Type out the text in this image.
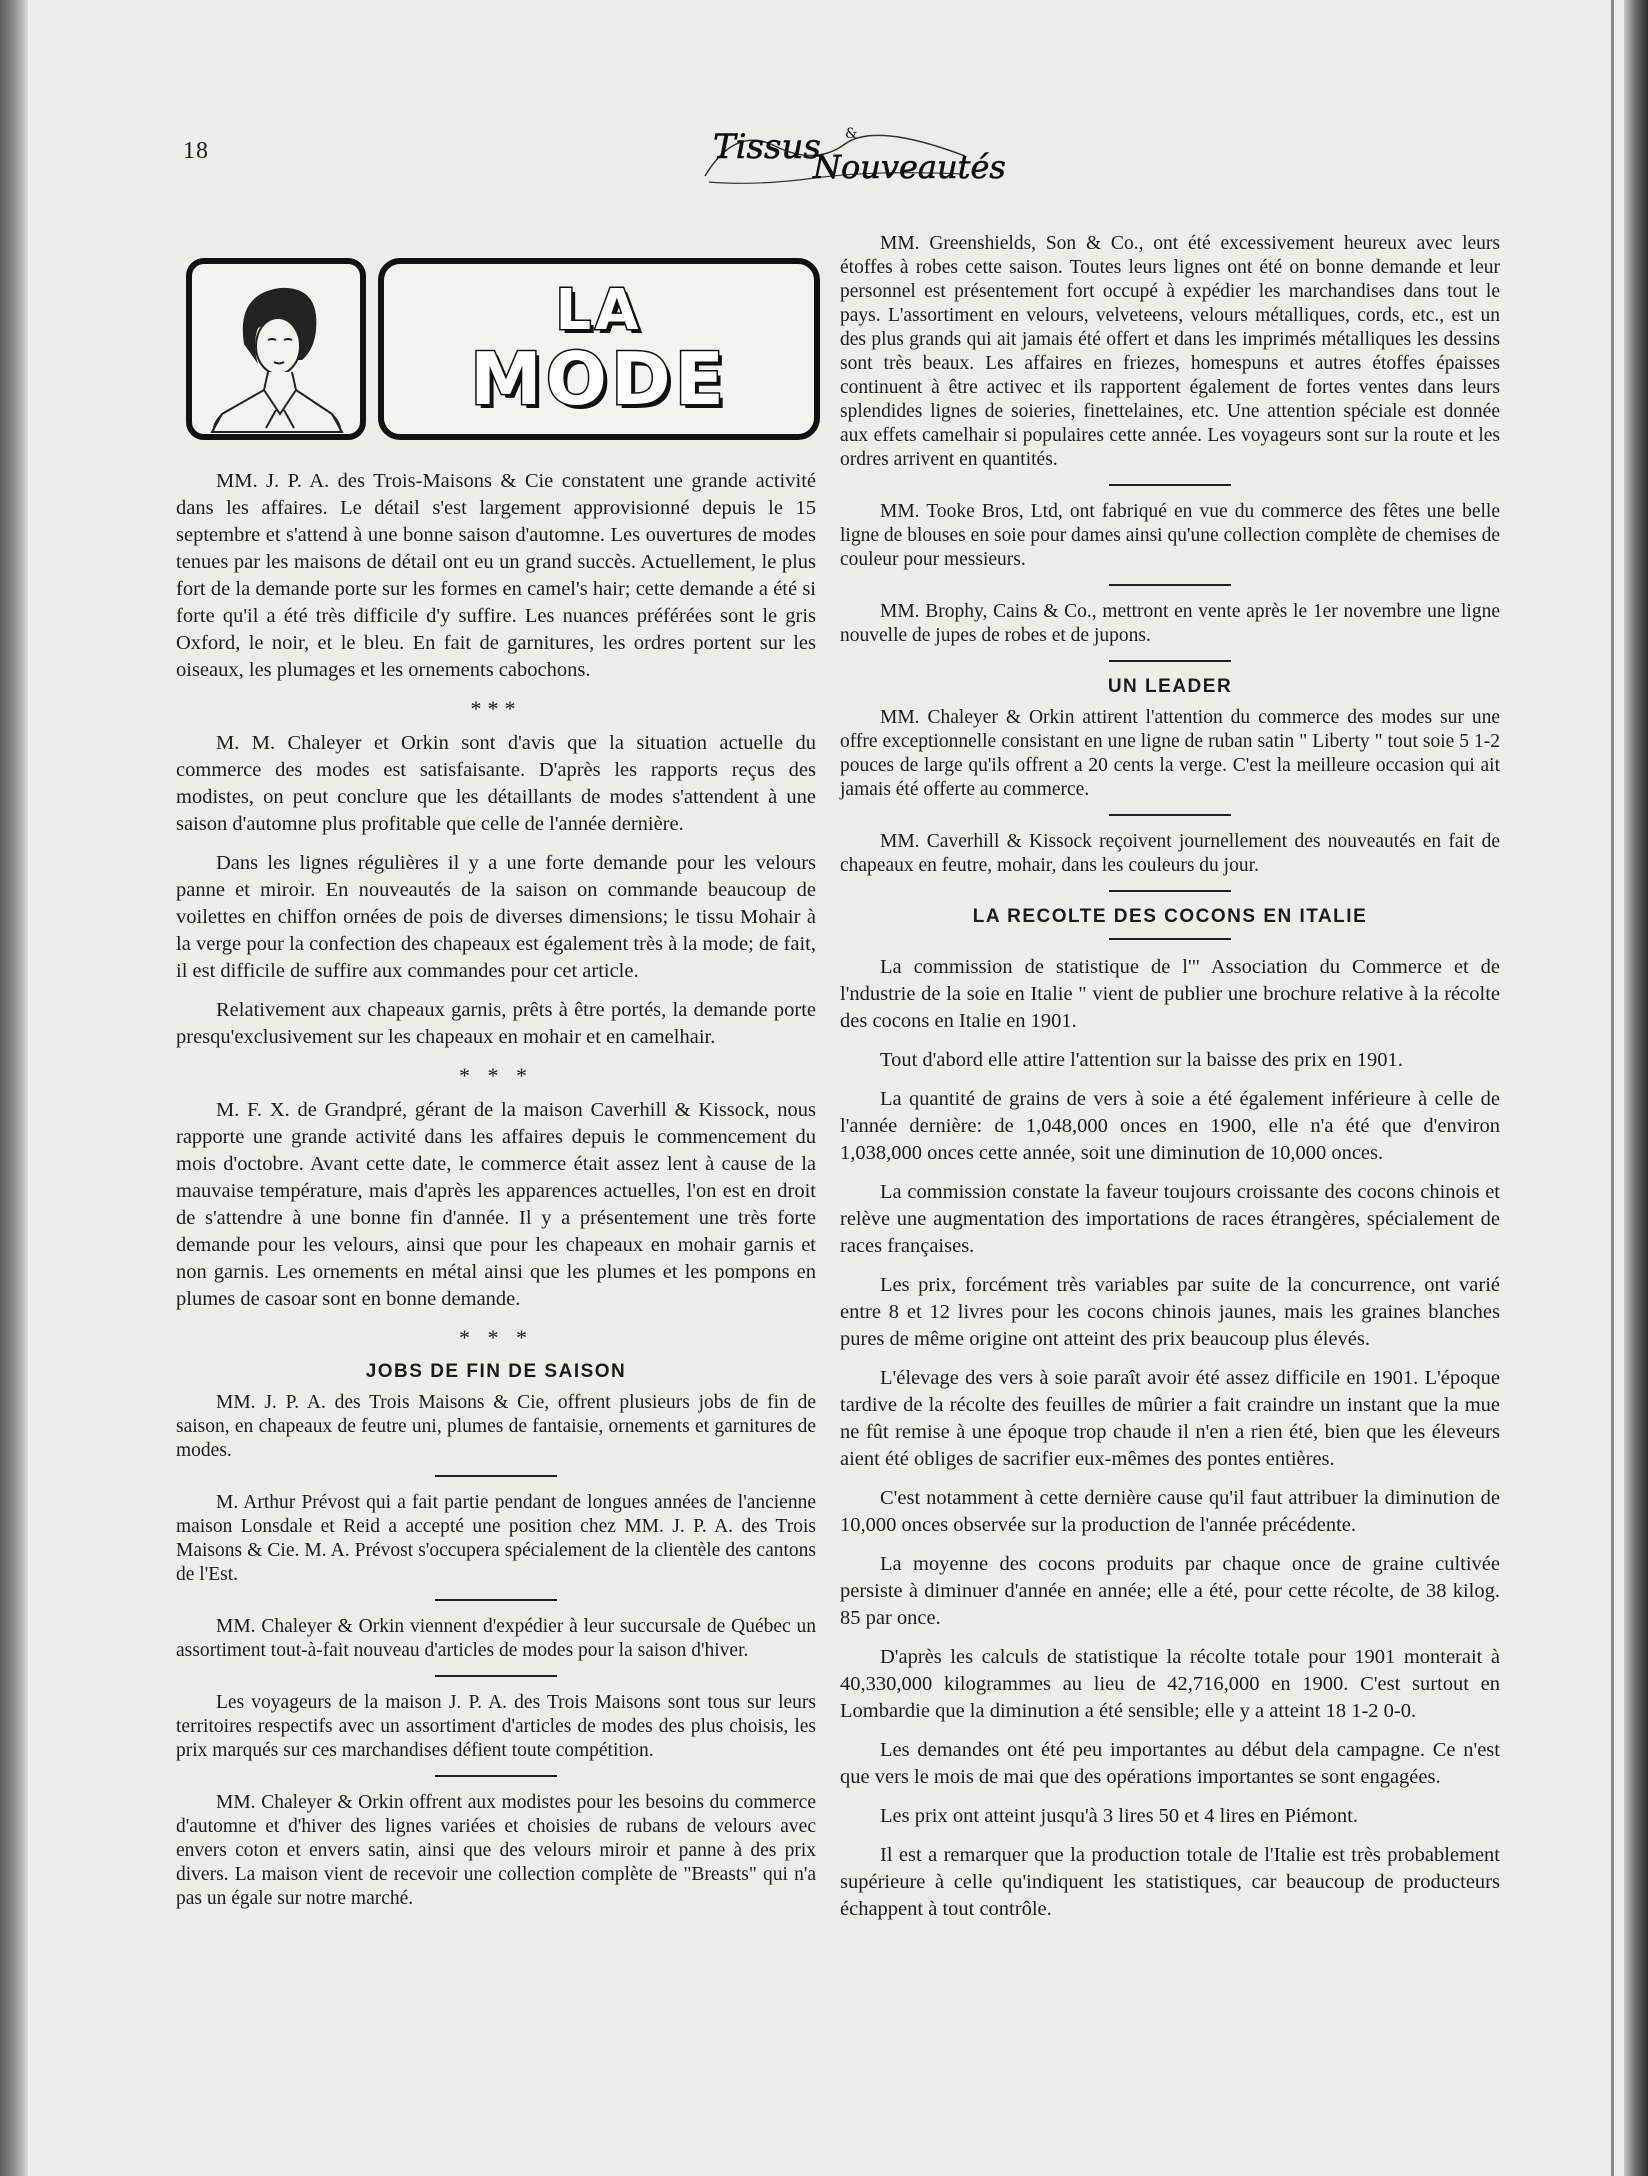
18	Tissus &
Nouveautés
LA
MODE

MM. J. P. A. des Trois-Maisons & Cie constatent une grande activité dans les affaires. Le détail s'est largement approvisionné depuis le 15 septembre et s'attend à une bonne saison d'automne. Les ouvertures de modes tenues par les maisons de détail ont eu un grand succès. Actuellement, le plus fort de la demande porte sur les formes en camel's hair; cette demande a été si forte qu'il a été très difficile d'y suffire. Les nuances préférées sont le gris Oxford, le noir, et le bleu. En fait de garnitures, les ordres portent sur les oiseaux, les plumages et les ornements cabochons.

***

M. M. Chaleyer et Orkin sont d'avis que la situation actuelle du commerce des modes est satisfaisante. D'après les rapports reçus des modistes, on peut conclure que les détaillants de modes s'attendent à une saison d'automne plus profitable que celle de l'année dernière.

Dans les lignes régulières il y a une forte demande pour les velours panne et miroir. En nouveautés de la saison on commande beaucoup de voilettes en chiffon ornées de pois de diverses dimensions; le tissu Mohair à la verge pour la confection des chapeaux est également très à la mode; de fait, il est difficile de suffire aux commandes pour cet article.

Relativement aux chapeaux garnis, prêts à être portés, la demande porte presqu'exclusivement sur les chapeaux en mohair et en camelhair.

* * *

M. F. X. de Grandpré, gérant de la maison Caverhill & Kissock, nous rapporte une grande activité dans les affaires depuis le commencement du mois d'octobre. Avant cette date, le commerce était assez lent à cause de la mauvaise température, mais d'après les apparences actuelles, l'on est en droit de s'attendre à une bonne fin d'année. Il y a présentement une très forte demande pour les velours, ainsi que pour les chapeaux en mohair garnis et non garnis. Les ornements en métal ainsi que les plumes et les pompons en plumes de casoar sont en bonne demande.

* * *
JOBS DE FIN DE SAISON

MM. J. P. A. des Trois Maisons & Cie, offrent plusieurs jobs de fin de saison, en chapeaux de feutre uni, plumes de fantaisie, ornements et garnitures de modes.

M. Arthur Prévost qui a fait partie pendant de longues années de l'ancienne maison Lonsdale et Reid a accepté une position chez MM. J. P. A. des Trois Maisons & Cie. M. A. Prévost s'occupera spécialement de la clientèle des cantons de l'Est.

MM. Chaleyer & Orkin viennent d'expédier à leur succursale de Québec un assortiment tout-à-fait nouveau d'articles de modes pour la saison d'hiver.

Les voyageurs de la maison J. P. A. des Trois Maisons sont tous sur leurs territoires respectifs avec un assortiment d'articles de modes des plus choisis, les prix marqués sur ces marchandises défient toute compétition.

MM. Chaleyer & Orkin offrent aux modistes pour les besoins du commerce d'automne et d'hiver des lignes variées et choisies de rubans de velours avec envers coton et envers satin, ainsi que des velours miroir et panne à des prix divers. La maison vient de recevoir une collection complète de "Breasts" qui n'a pas un égale sur notre marché.

MM. Greenshields, Son & Co., ont été excessivement heureux avec leurs étoffes à robes cette saison. Toutes leurs lignes ont été on bonne demande et leur personnel est présentement fort occupé à expédier les marchandises dans tout le pays. L'assortiment en velours, velveteens, velours métalliques, cords, etc., est un des plus grands qui ait jamais été offert et dans les imprimés métalliques les dessins sont très beaux. Les affaires en friezes, homespuns et autres étoffes épaisses continuent à être activec et ils rapportent également de fortes ventes dans leurs splendides lignes de soieries, finettelaines, etc. Une attention spéciale est donnée aux effets camelhair si populaires cette année. Les voyageurs sont sur la route et les ordres arrivent en quantités.

MM. Tooke Bros, Ltd, ont fabriqué en vue du commerce des fêtes une belle ligne de blouses en soie pour dames ainsi qu'une collection complète de chemises de couleur pour messieurs.

MM. Brophy, Cains & Co., mettront en vente après le 1er novembre une ligne nouvelle de jupes de robes et de jupons.

UN LEADER

MM. Chaleyer & Orkin attirent l'attention du commerce des modes sur une offre exceptionnelle consistant en une ligne de ruban satin " Liberty " tout soie 5 1-2 pouces de large qu'ils offrent a 20 cents la verge. C'est la meilleure occasion qui ait jamais été offerte au commerce.

MM. Caverhill & Kissock reçoivent journellement des nouveautés en fait de chapeaux en feutre, mohair, dans les couleurs du jour.

LA RECOLTE DES COCONS EN ITALIE

La commission de statistique de l'" Association du Commerce et de l'ndustrie de la soie en Italie " vient de publier une brochure relative à la récolte des cocons en Italie en 1901.

Tout d'abord elle attire l'attention sur la baisse des prix en 1901.

La quantité de grains de vers à soie a été également inférieure à celle de l'année dernière: de 1,048,000 onces en 1900, elle n'a été que d'environ 1,038,000 onces cette année, soit une diminution de 10,000 onces.

La commission constate la faveur toujours croissante des cocons chinois et relève une augmentation des importations de races étrangères, spécialement de races françaises.

Les prix, forcément très variables par suite de la concurrence, ont varié entre 8 et 12 livres pour les cocons chinois jaunes, mais les graines blanches pures de même origine ont atteint des prix beaucoup plus élevés.

L'élevage des vers à soie paraît avoir été assez difficile en 1901. L'époque tardive de la récolte des feuilles de mûrier a fait craindre un instant que la mue ne fût remise à une époque trop chaude il n'en a rien été, bien que les éleveurs aient été obliges de sacrifier eux-mêmes des pontes entières.

C'est notamment à cette dernière cause qu'il faut attribuer la diminution de 10,000 onces observée sur la production de l'année précédente.

La moyenne des cocons produits par chaque once de graine cultivée persiste à diminuer d'année en année; elle a été, pour cette récolte, de 38 kilog. 85 par once.

D'après les calculs de statistique la récolte totale pour 1901 monterait à 40,330,000 kilogrammes au lieu de 42,716,000 en 1900. C'est surtout en Lombardie que la diminution a été sensible; elle y a atteint 18 1-2 0-0.

Les demandes ont été peu importantes au début dela campagne. Ce n'est que vers le mois de mai que des opérations importantes se sont engagées.

Les prix ont atteint jusqu'à 3 lires 50 et 4 lires en Piémont.

Il est a remarquer que la production totale de l'Italie est très probablement supérieure à celle qu'indiquent les statistiques, car beaucoup de producteurs échappent à tout contrôle.
